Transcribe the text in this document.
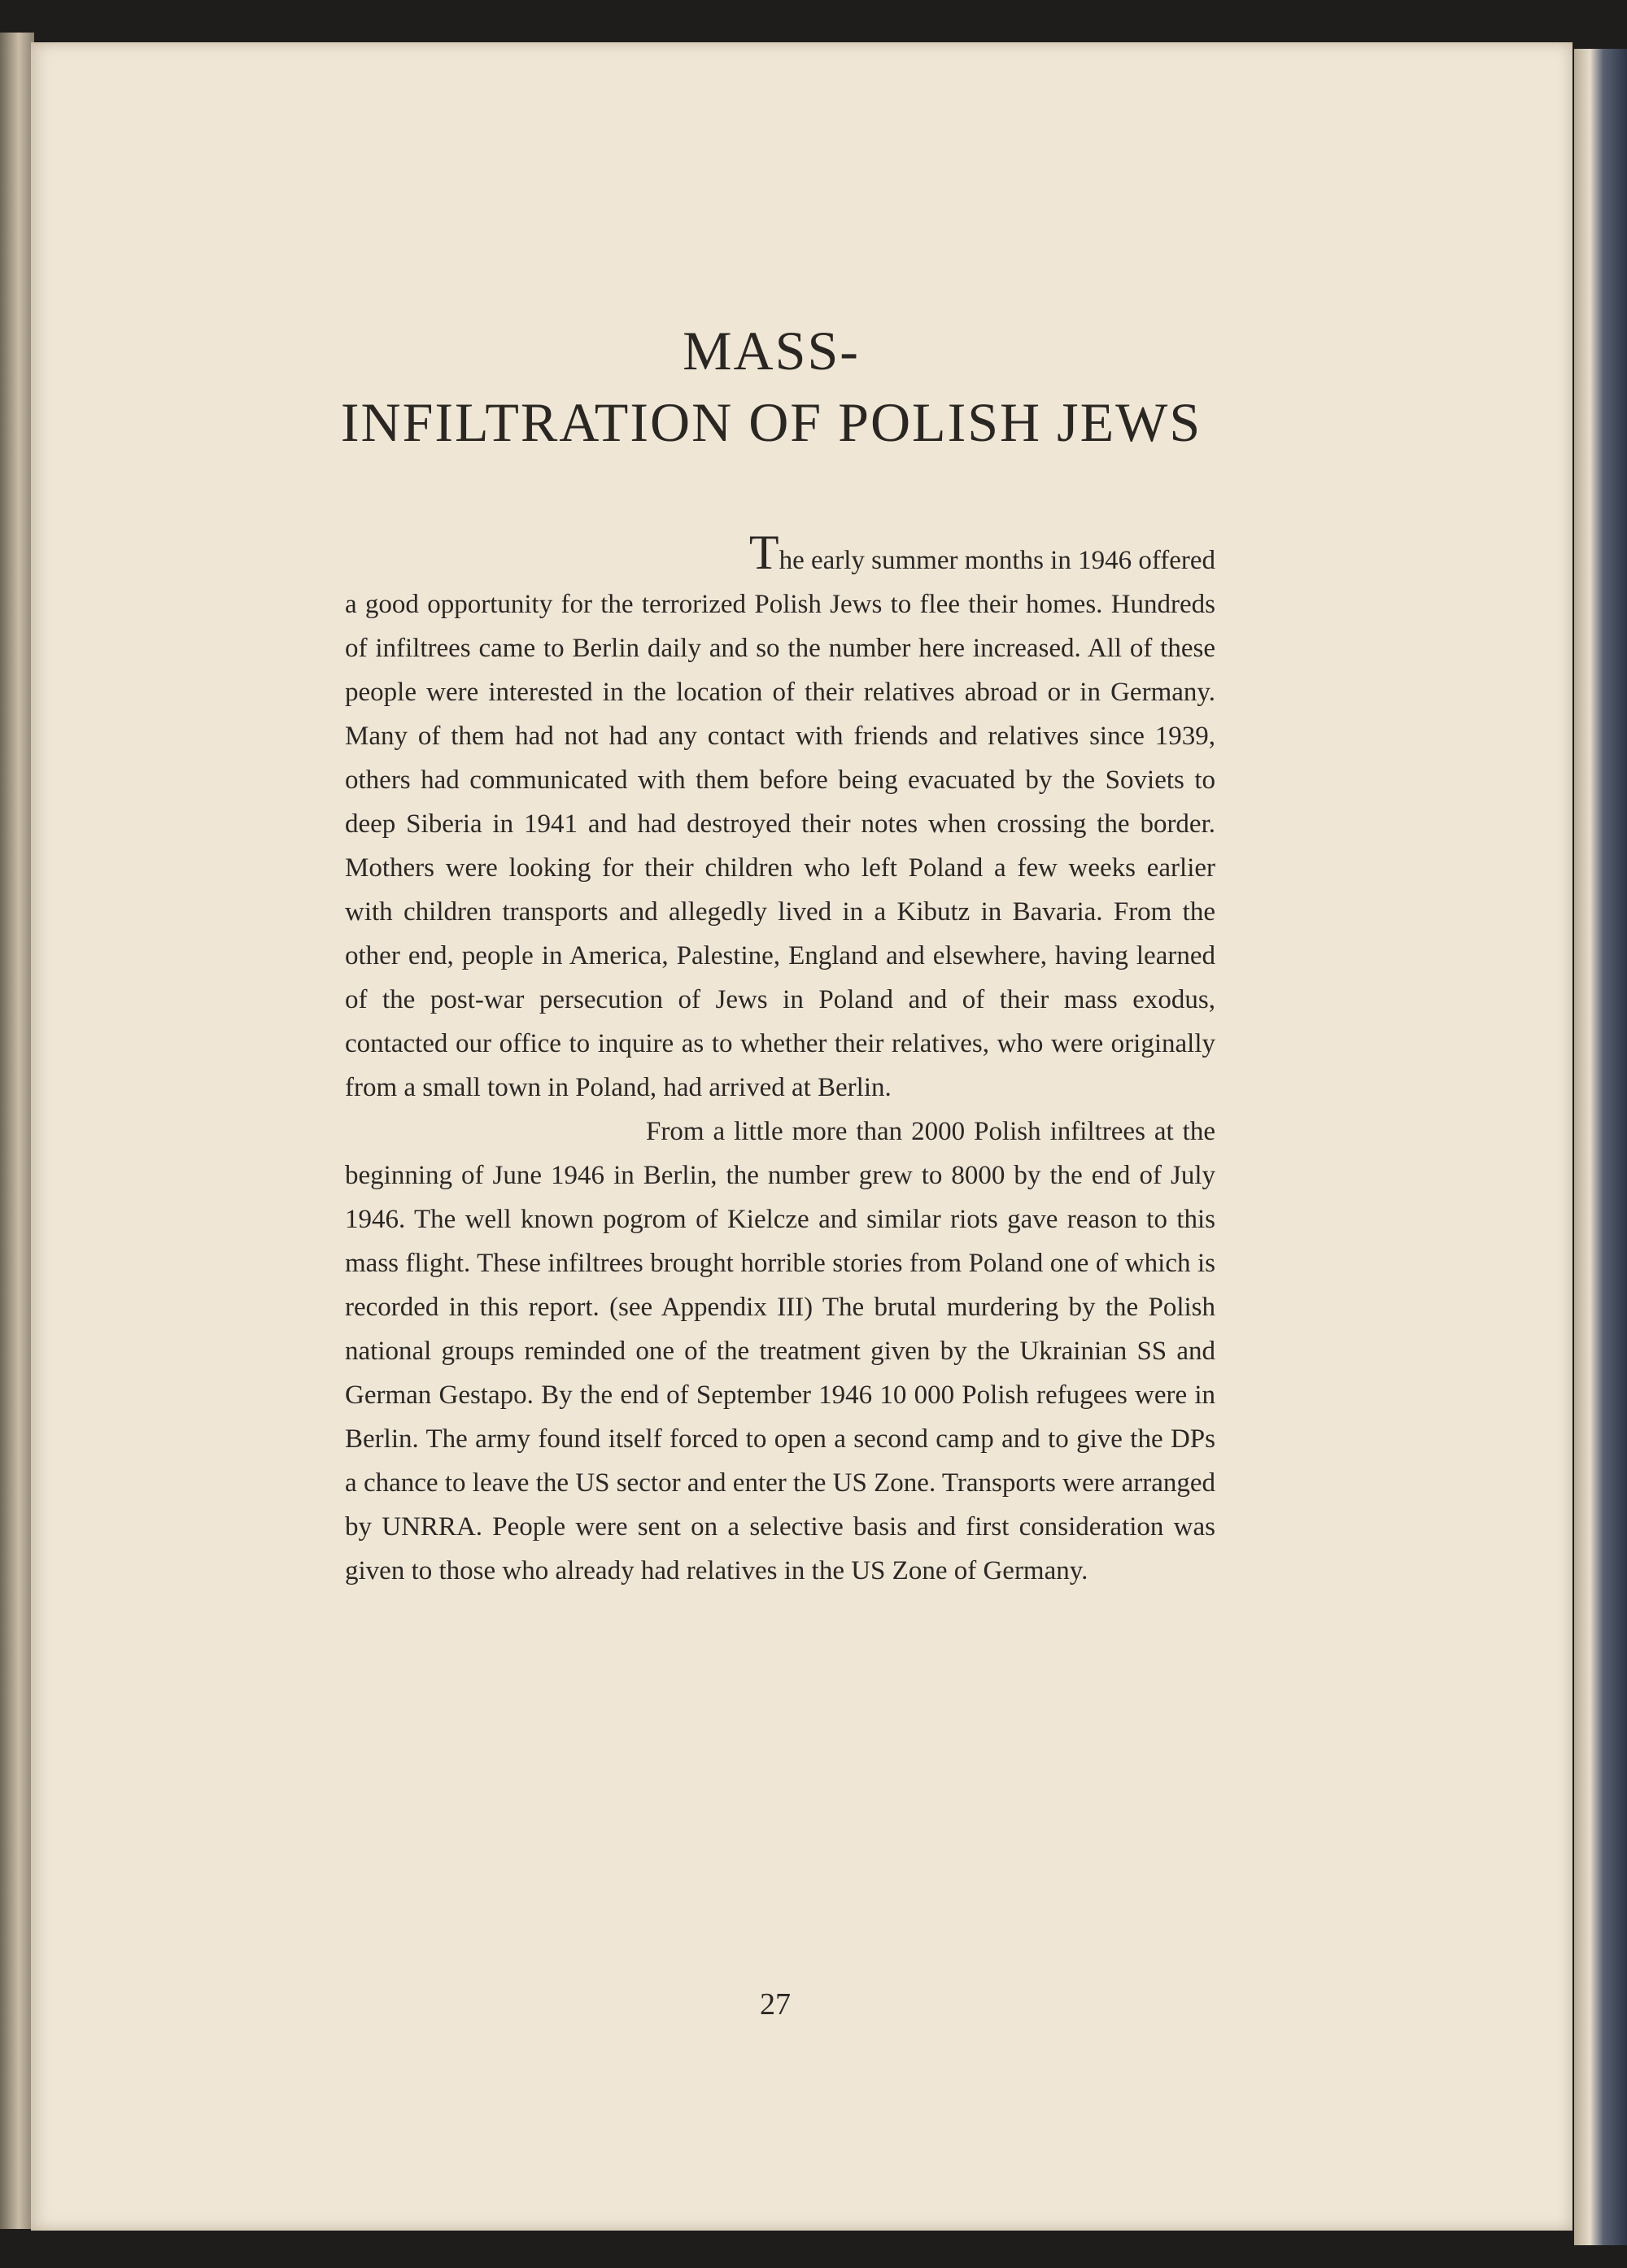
MASS-
INFILTRATION OF POLISH JEWS

The early summer months in 1946 offered
a good opportunity for the terrorized Polish Jews to flee their homes. Hundreds of infiltrees came to Berlin daily and so the number here increased. All of these people were interested in the location of their relatives abroad or in Germany. Many of them had not had any contact with friends and relatives since 1939, others had communicated with them before being evacuated by the Soviets to deep Siberia in 1941 and had destroyed their notes when crossing the border. Mothers were looking for their children who left Poland a few weeks earlier with children transports and allegedly lived in a Kibutz in Bavaria. From the other end, people in America, Palestine, England and elsewhere, having learned of the post-war persecution of Jews in Poland and of their mass exodus, contacted our office to inquire as to whether their relatives, who were originally from a small town in Poland, had arrived at Berlin.

From a little more than 2000 Polish infiltrees at the beginning of June 1946 in Berlin, the number grew to 8000 by the end of July 1946. The well known pogrom of Kielcze and similar riots gave reason to this mass flight. These infiltrees brought horrible stories from Poland one of which is recorded in this report. (see Appendix III) The brutal murdering by the Polish national groups reminded one of the treatment given by the Ukrainian SS and German Gestapo. By the end of September 1946 10 000 Polish refugees were in Berlin. The army found itself forced to open a second camp and to give the DPs a chance to leave the US sector and enter the US Zone. Transports were arranged by UNRRA. People were sent on a selective basis and first consideration was given to those who already had relatives in the US Zone of Germany.

27
